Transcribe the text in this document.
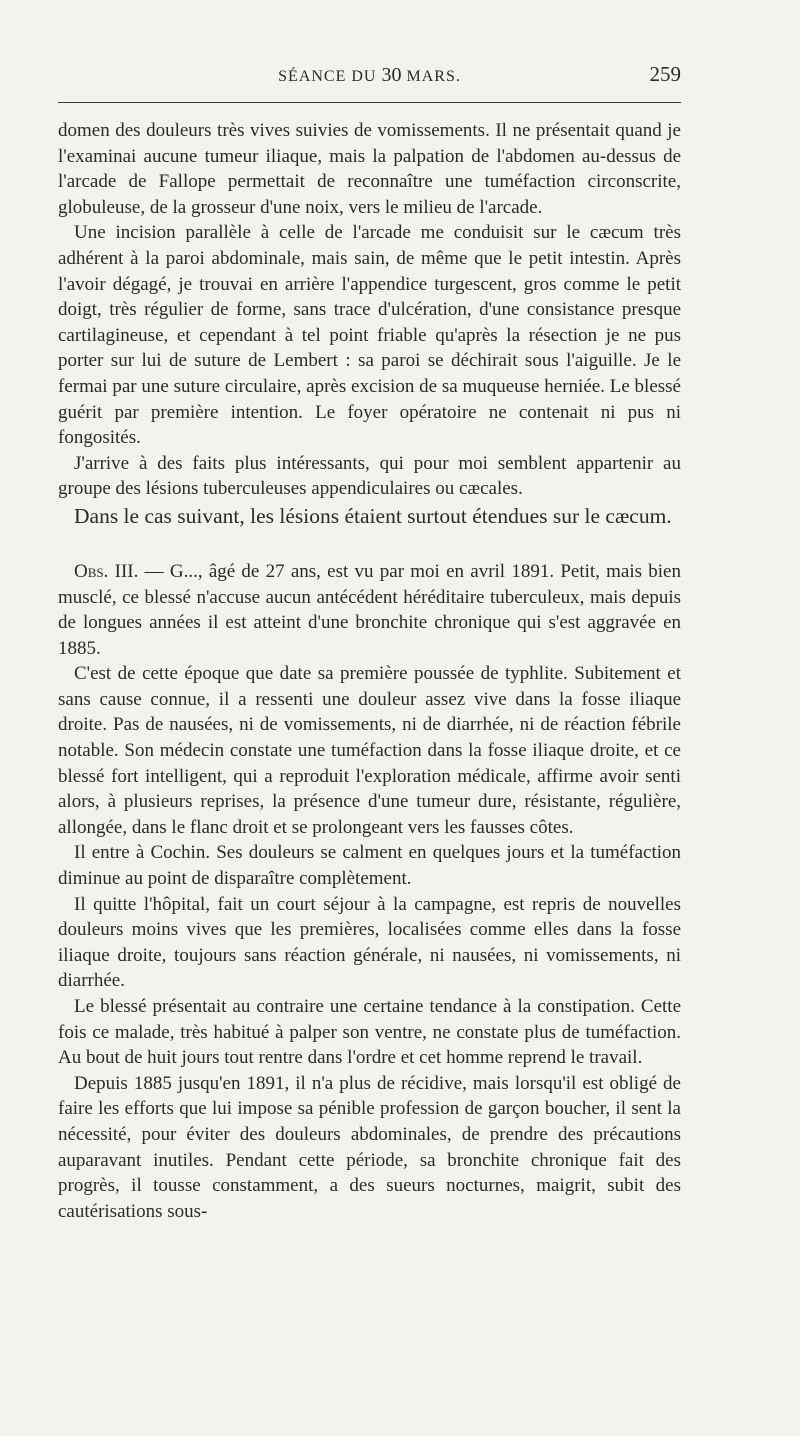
SÉANCE DU 30 MARS.	259

domen des douleurs très vives suivies de vomissements. Il ne présentait quand je l'examinai aucune tumeur iliaque, mais la palpation de l'abdomen au-dessus de l'arcade de Fallope permettait de reconnaître une tuméfaction circonscrite, globuleuse, de la grosseur d'une noix, vers le milieu de l'arcade.

Une incision parallèle à celle de l'arcade me conduisit sur le cæcum très adhérent à la paroi abdominale, mais sain, de même que le petit intestin. Après l'avoir dégagé, je trouvai en arrière l'appendice turgescent, gros comme le petit doigt, très régulier de forme, sans trace d'ulcération, d'une consistance presque cartilagineuse, et cependant à tel point friable qu'après la résection je ne pus porter sur lui de suture de Lembert : sa paroi se déchirait sous l'aiguille. Je le fermai par une suture circulaire, après excision de sa muqueuse herniée. Le blessé guérit par première intention. Le foyer opératoire ne contenait ni pus ni fongosités.

J'arrive à des faits plus intéressants, qui pour moi semblent appartenir au groupe des lésions tuberculeuses appendiculaires ou cæcales.

Dans le cas suivant, les lésions étaient surtout étendues sur le cæcum.

Obs. III. — G..., âgé de 27 ans, est vu par moi en avril 1891. Petit, mais bien musclé, ce blessé n'accuse aucun antécédent héréditaire tuberculeux, mais depuis de longues années il est atteint d'une bronchite chronique qui s'est aggravée en 1885.

C'est de cette époque que date sa première poussée de typhlite. Subitement et sans cause connue, il a ressenti une douleur assez vive dans la fosse iliaque droite. Pas de nausées, ni de vomissements, ni de diarrhée, ni de réaction fébrile notable. Son médecin constate une tuméfaction dans la fosse iliaque droite, et ce blessé fort intelligent, qui a reproduit l'exploration médicale, affirme avoir senti alors, à plusieurs reprises, la présence d'une tumeur dure, résistante, régulière, allongée, dans le flanc droit et se prolongeant vers les fausses côtes.

Il entre à Cochin. Ses douleurs se calment en quelques jours et la tuméfaction diminue au point de disparaître complètement.

Il quitte l'hôpital, fait un court séjour à la campagne, est repris de nouvelles douleurs moins vives que les premières, localisées comme elles dans la fosse iliaque droite, toujours sans réaction générale, ni nausées, ni vomissements, ni diarrhée.

Le blessé présentait au contraire une certaine tendance à la constipation. Cette fois ce malade, très habitué à palper son ventre, ne constate plus de tuméfaction. Au bout de huit jours tout rentre dans l'ordre et cet homme reprend le travail.

Depuis 1885 jusqu'en 1891, il n'a plus de récidive, mais lorsqu'il est obligé de faire les efforts que lui impose sa pénible profession de garçon boucher, il sent la nécessité, pour éviter des douleurs abdominales, de prendre des précautions auparavant inutiles. Pendant cette période, sa bronchite chronique fait des progrès, il tousse constamment, a des sueurs nocturnes, maigrit, subit des cautérisations sous-
